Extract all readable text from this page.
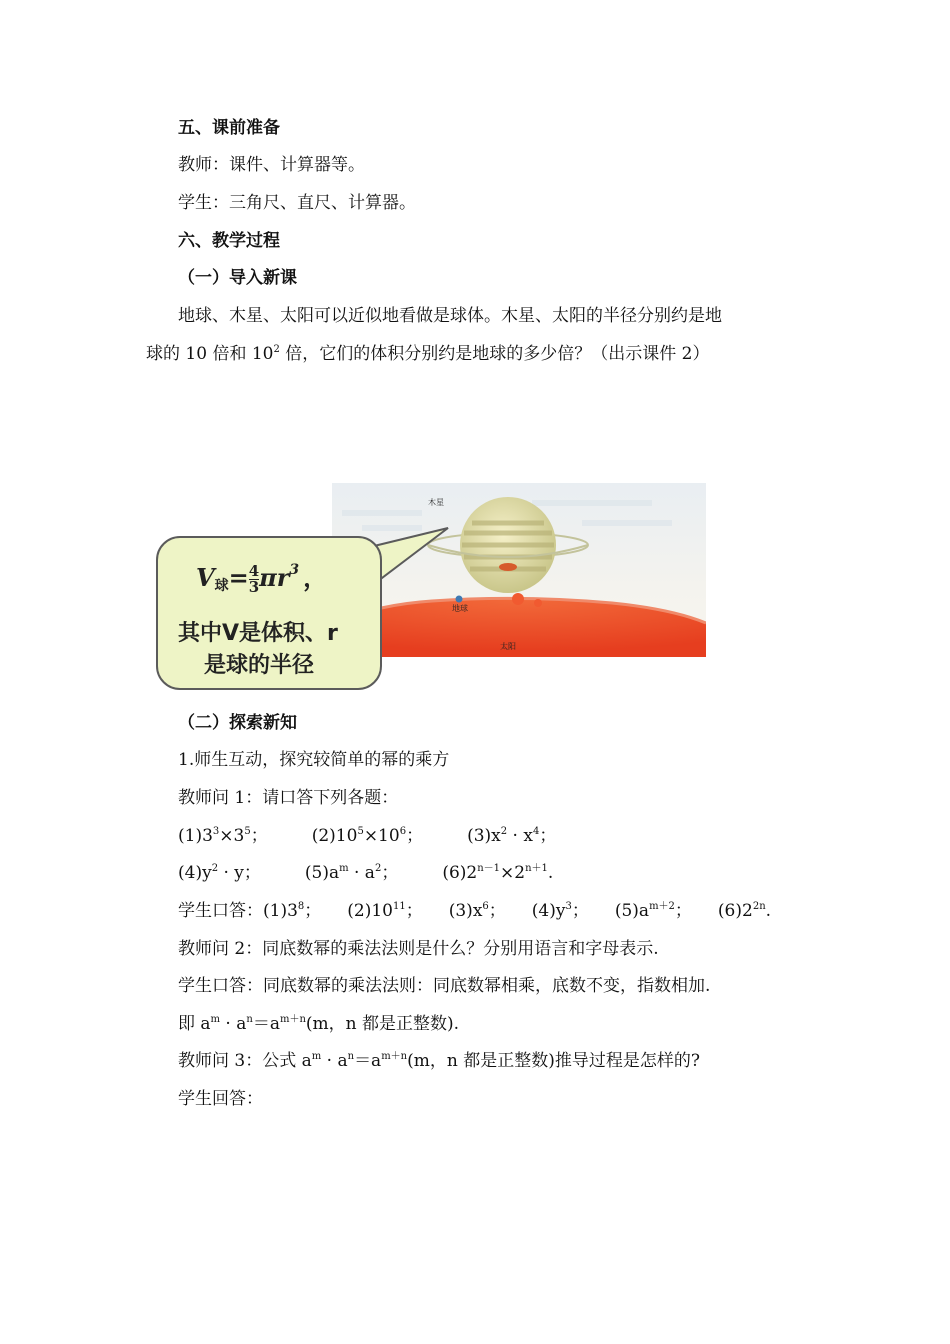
五、课前准备
教师：课件、计算器等。
学生：三角尺、直尺、计算器。
六、教学过程
（一）导入新课
地球、木星、太阳可以近似地看做是球体。木星、太阳的半径分别约是地
球的 10 倍和 $10^2$ 倍，它们的体积分别约是地球的多少倍？（出示课件 2）
木星
地球
太阳
V球= $\frac{4}{3} \pi r^3$ ，
其中V是体积、r
是球的半径
（二）探索新知
1.师生互动，探究较简单的幂的乘方
教师问 1：请口答下列各题：
$(1)3^3\times 3^5$；	$(2)10^5\times 10^6$；	$(3)x^2 \cdot x^4$；
$(4)y^2 \cdot y$；	$(5)a^m \cdot a^2$；	$(6)2^{n-1}\times 2^{n+1}$.
学生口答：$(1)3^8$； $(2)10^{11}$； $(3)x^6$； $(4)y^3$； $(5)a^{m+2}$； $(6)2^{2n}$.
教师问 2：同底数幂的乘法法则是什么？分别用语言和字母表示.
学生口答：同底数幂的乘法法则：同底数幂相乘，底数不变，指数相加.
即 $a^m \cdot a^n=a^{m+n}(m$，n 都是正整数).
教师问 3：公式 $a^m \cdot a^n=a^{m+n}(m$，n 都是正整数)推导过程是怎样的?
学生回答：
